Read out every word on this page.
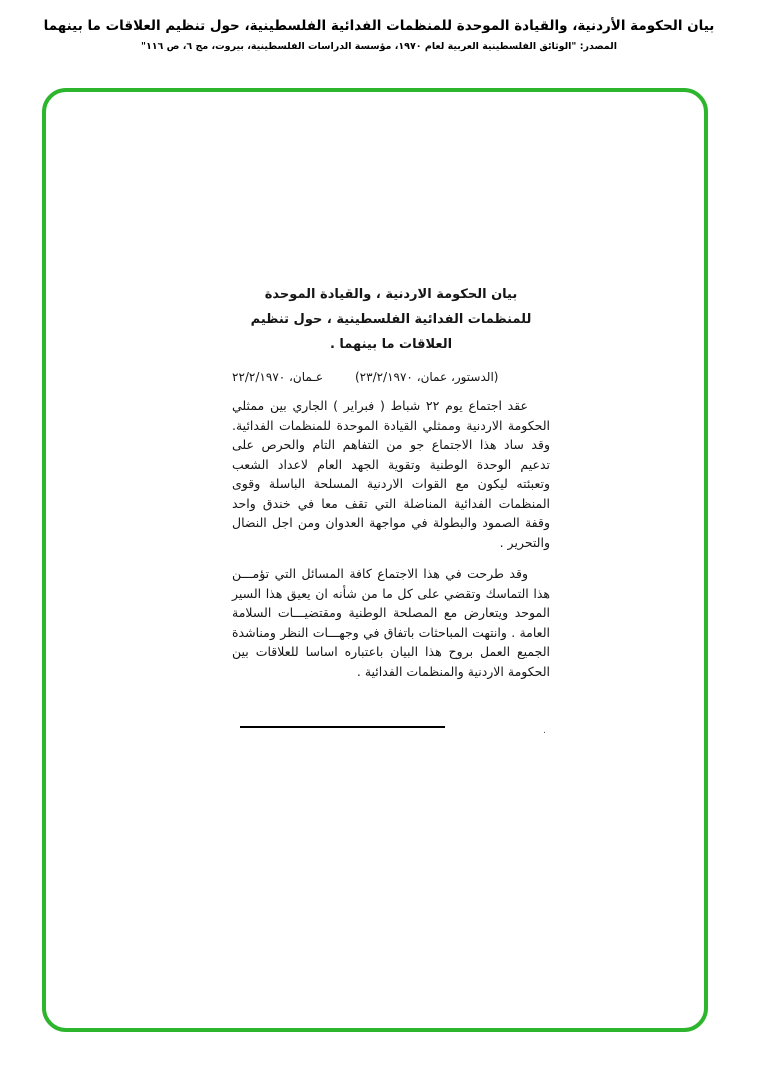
بيان الحكومة الأردنية، والقيادة الموحدة للمنظمات الفدائية الفلسطينية، حول تنظيم العلاقات ما بينهما
المصدر: "الوثائق الفلسطينية العربية لعام ١٩٧٠، مؤسسة الدراسات الفلسطينية، بيروت، مج ٦، ص ١١٦"
بيان الحكومة الاردنية ، والقيادة الموحدة للمنظمات الفدائية الفلسطينية ، حول تنظيم العلاقات ما بينهما .
عـمان، ٢٢/٢/١٩٧٠	(الدستور، عمان، ٢٣/٢/١٩٧٠)

عقد اجتماع يوم ٢٢ شباط ( فبراير ) الجاري بين ممثلي الحكومة الاردنية وممثلي القيادة الموحدة للمنظمات الفدائية. وقد ساد هذا الاجتماع جو من التفاهم التام والحرص على تدعيم الوحدة الوطنية وتقوية الجهد العام لاعداد الشعب وتعبئته ليكون مع القوات الاردنية المسلحة الباسلة وقوى المنظمات الفدائية المناضلة التي تقف معا في خندق واحد وقفة الصمود والبطولة في مواجهة العدوان ومن اجل النضال والتحرير .

وقد طرحت في هذا الاجتماع كافة المسائل التي تؤمـــن هذا التماسك وتقضي على كل ما من شأنه ان يعيق هذا السير الموحد ويتعارض مع المصلحة الوطنية ومقتضيـــات السلامة العامة . وانتهت المباحثات باتفاق في وجهـــات النظر ومناشدة الجميع العمل بروح هذا البيان باعتباره اساسا للعلاقات بين الحكومة الاردنية والمنظمات الفدائية .

.
